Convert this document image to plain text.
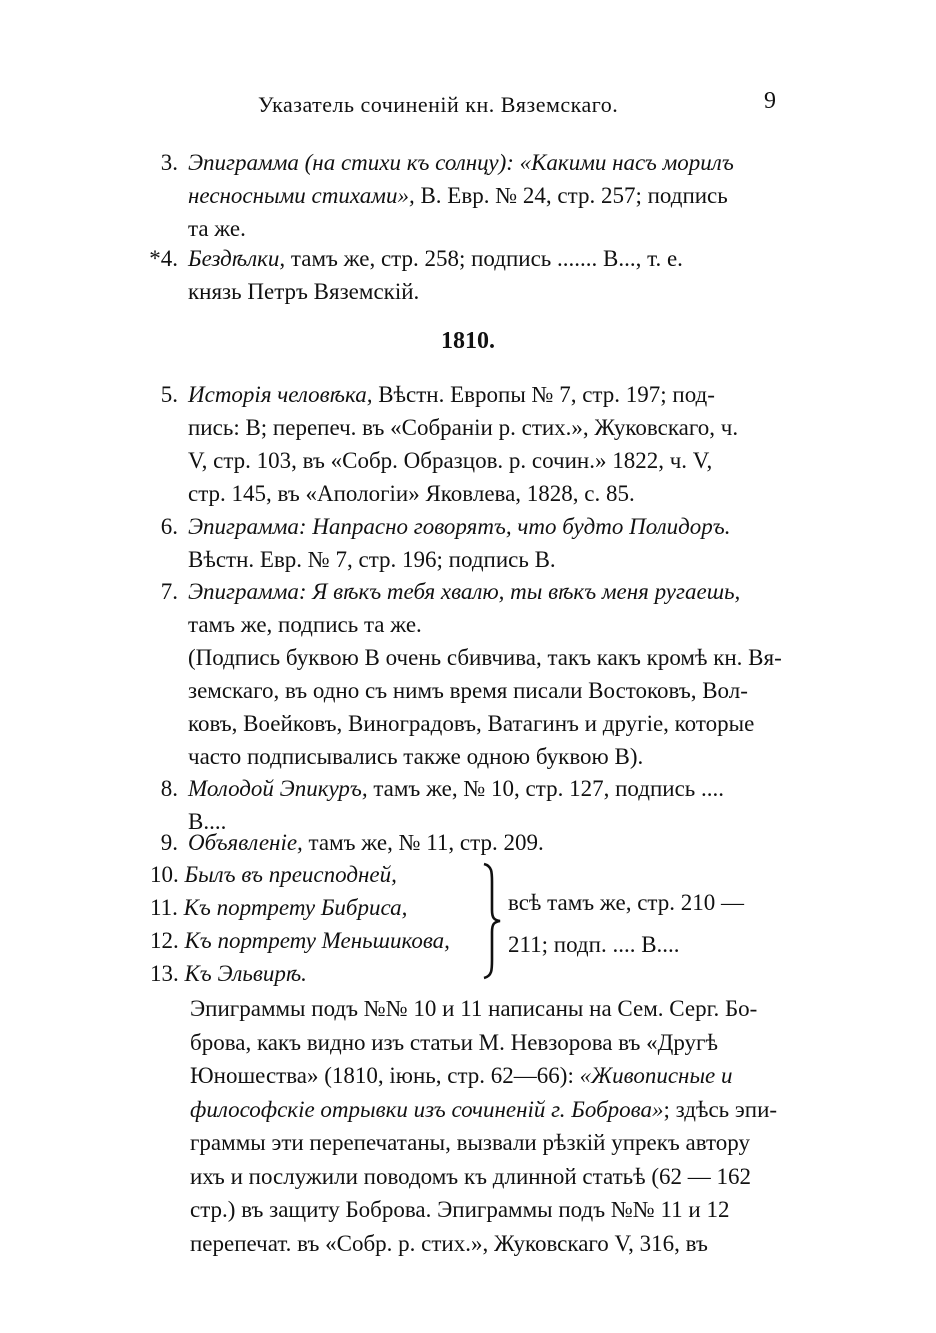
Указатель сочиненій кн. Вяземскаго.	9
3. Эпиграмма (на стихи къ солнцу): «Какими насъ морилъ
несносными стихами», В. Евр. № 24, стр. 257; подпись
та же.
*4. Бездѣлки, тамъ же, стр. 258; подпись ....... В..., т. е.
князь Петръ Вяземскій.
1810.
5. Исторія человѣка, Вѣстн. Европы № 7, стр. 197; под-
пись: В; перепеч. въ «Собраніи р. стих.», Жуковскаго, ч.
V, стр. 103, въ «Собр. Образцов. р. сочин.» 1822, ч. V,
стр. 145, въ «Апологіи» Яковлева, 1828, с. 85.
6. Эпиграмма: Напрасно говорятъ, что будто Полидоръ.
Вѣстн. Евр. № 7, стр. 196; подпись В.
7. Эпиграмма: Я вѣкъ тебя хвалю, ты вѣкъ меня ругаешь,
тамъ же, подпись та же.
(Подпись буквою В очень сбивчива, такъ какъ кромѣ кн. Вя-
земскаго, въ одно съ нимъ время писали Востоковъ, Вол-
ковъ, Воейковъ, Виноградовъ, Ватагинъ и другіе, которые
часто подписывались также одною буквою В).
8. Молодой Эпикуръ, тамъ же, № 10, стр. 127, подпись ....
В....
9. Объявленіе, тамъ же, № 11, стр. 209.
10. Былъ въ преисподней,
11. Къ портрету Бибриса,
12. Къ портрету Меньшикова,
13. Къ Эльвирѣ.
всѣ тамъ же, стр. 210 —
211; подп. .... В....
Эпиграммы подъ №№ 10 и 11 написаны на Сем. Серг. Бо-
брова, какъ видно изъ статьи М. Невзорова въ «Другѣ
Юношества» (1810, іюнь, стр. 62—66): «Живописные и
философскіе отрывки изъ сочиненій г. Боброва»; здѣсь эпи-
граммы эти перепечатаны, вызвали рѣзкій упрекъ автору
ихъ и послужили поводомъ къ длинной статьѣ (62 — 162
стр.) въ защиту Боброва. Эпиграммы подъ №№ 11 и 12
перепечат. въ «Собр. р. стих.», Жуковскаго V, 316, въ
